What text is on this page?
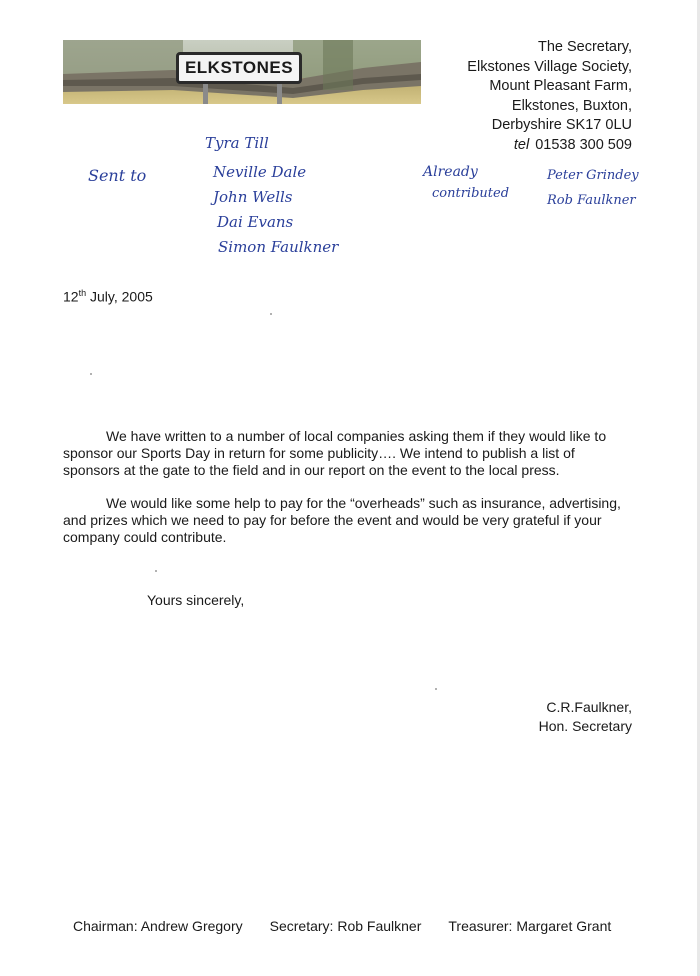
ELKSTONES
The Secretary,
Elkstones Village Society,
Mount Pleasant Farm,
Elkstones, Buxton,
Derbyshire SK17 0LU
tel 01538 300 509
Sent to
Tyra Till
Neville Dale
John Wells
Dai Evans
Simon Faulkner
Already
contributed
Peter Grindey
Rob Faulkner
12th July, 2005

We have written to a number of local companies asking them if they would like to sponsor our Sports Day in return for some publicity…. We intend to publish a list of sponsors at the gate to the field and in our report on the event to the local press.

We would like some help to pay for the “overheads” such as insurance, advertising, and prizes which we need to pay for before the event and would be very grateful if your company could contribute.

Yours sincerely,
C.R.Faulkner,
Hon. Secretary
Chairman: Andrew Gregory Secretary: Rob Faulkner Treasurer: Margaret Grant
